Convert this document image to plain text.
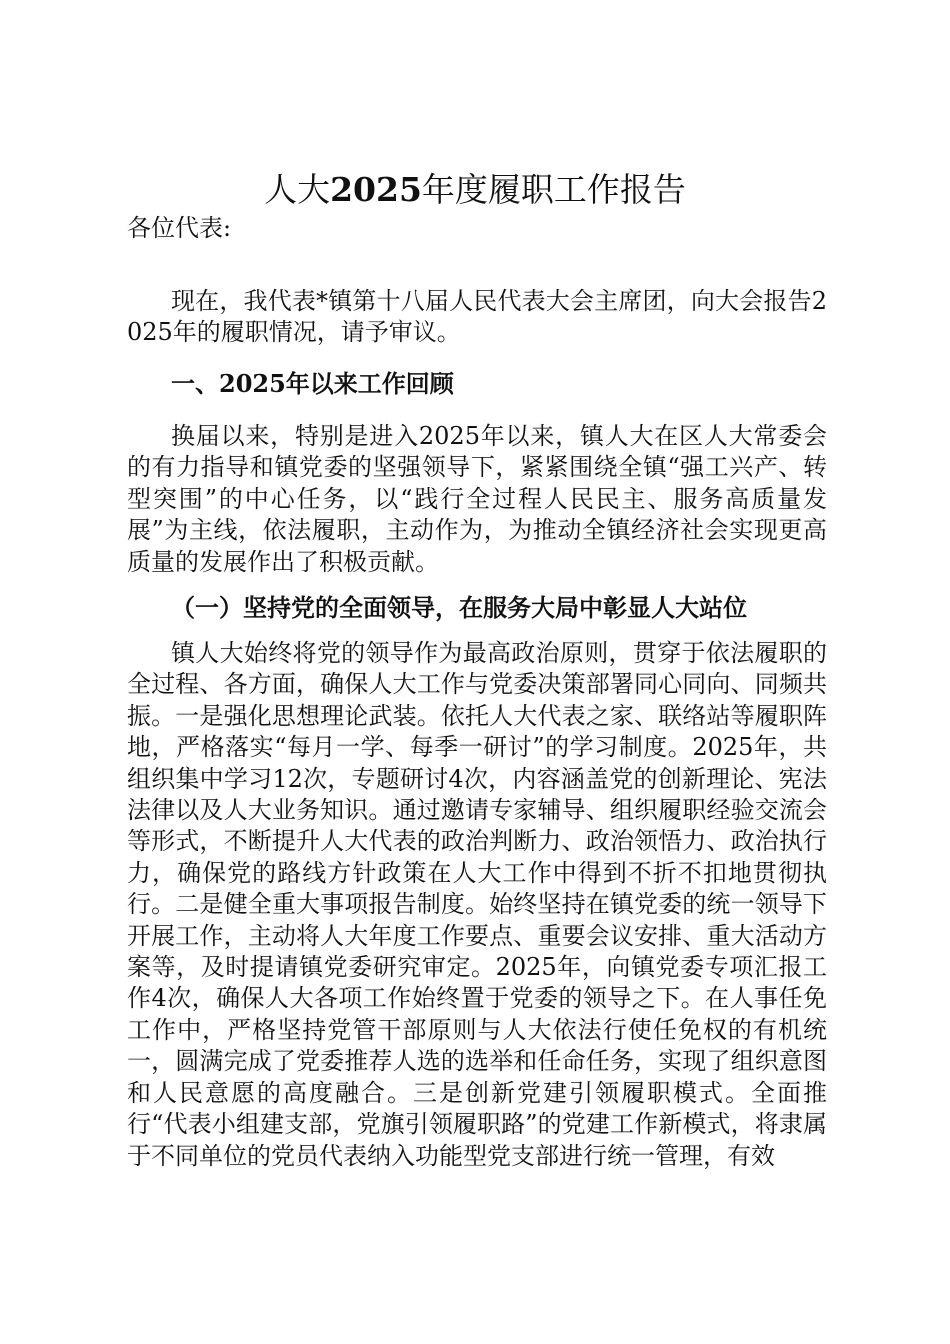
人大2025年度履职工作报告

各位代表:

现在，我代表*镇第十八届人民代表大会主席团，向大会报告2025年的履职情况，请予审议。

一、2025年以来工作回顾

换届以来，特别是进入2025年以来，镇人大在区人大常委会的有力指导和镇党委的坚强领导下，紧紧围绕全镇“强工兴产、转型突围”的中心任务，以“践行全过程人民民主、服务高质量发展”为主线，依法履职，主动作为，为推动全镇经济社会实现更高质量的发展作出了积极贡献。

（一）坚持党的全面领导，在服务大局中彰显人大站位

镇人大始终将党的领导作为最高政治原则，贯穿于依法履职的全过程、各方面，确保人大工作与党委决策部署同心同向、同频共振。一是强化思想理论武装。依托人大代表之家、联络站等履职阵地，严格落实“每月一学、每季一研讨”的学习制度。2025年，共组织集中学习12次，专题研讨4次，内容涵盖党的创新理论、宪法法律以及人大业务知识。通过邀请专家辅导、组织履职经验交流会等形式，不断提升人大代表的政治判断力、政治领悟力、政治执行力，确保党的路线方针政策在人大工作中得到不折不扣地贯彻执行。二是健全重大事项报告制度。始终坚持在镇党委的统一领导下开展工作，主动将人大年度工作要点、重要会议安排、重大活动方案等，及时提请镇党委研究审定。2025年，向镇党委专项汇报工作4次，确保人大各项工作始终置于党委的领导之下。在人事任免工作中，严格坚持党管干部原则与人大依法行使任免权的有机统一，圆满完成了党委推荐人选的选举和任命任务，实现了组织意图和人民意愿的高度融合。三是创新党建引领履职模式。全面推行“代表小组建支部，党旗引领履职路”的党建工作新模式，将隶属于不同单位的党员代表纳入功能型党支部进行统一管理，有效
